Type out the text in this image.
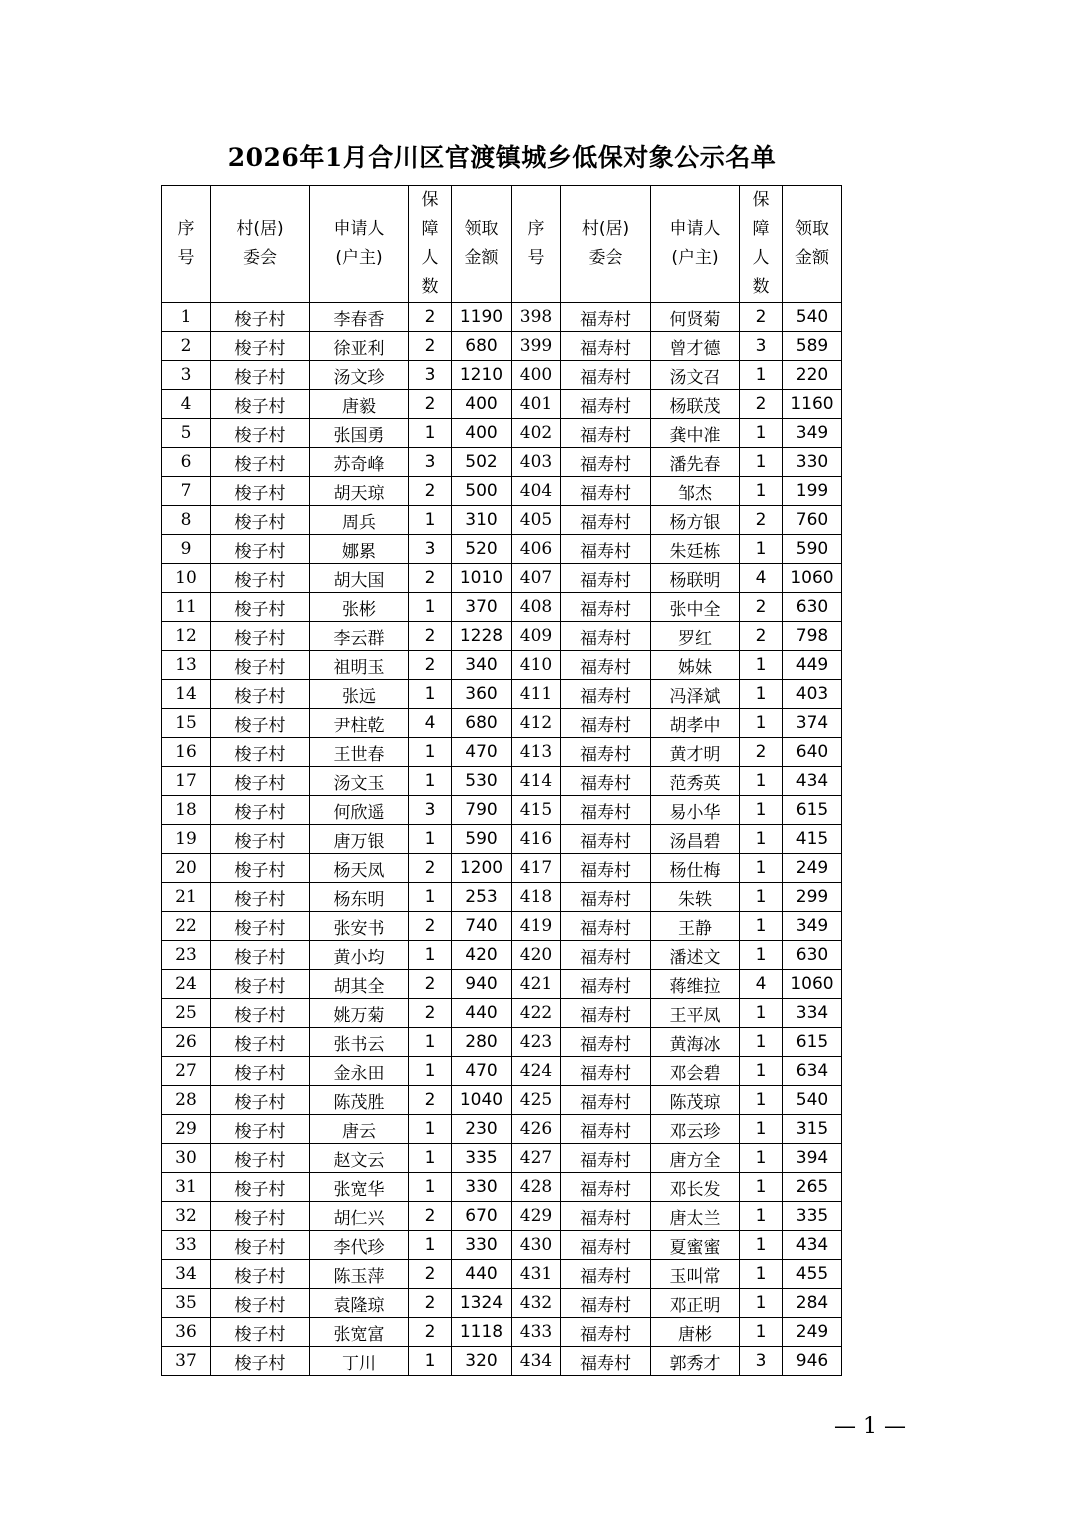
2026年1月合川区官渡镇城乡低保对象公示名单
序号	村(居)委会	申请人(户主)	保障人数	领取金额	序号	村(居)委会	申请人(户主)	保障人数	领取金额
1	梭子村	李春香	2	1190	398	福寿村	何贤菊	2	540
2	梭子村	徐亚利	2	680	399	福寿村	曾才德	3	589
3	梭子村	汤文珍	3	1210	400	福寿村	汤文召	1	220
4	梭子村	唐毅	2	400	401	福寿村	杨联茂	2	1160
5	梭子村	张国勇	1	400	402	福寿村	龚中准	1	349
6	梭子村	苏奇峰	3	502	403	福寿村	潘先春	1	330
7	梭子村	胡天琼	2	500	404	福寿村	邹杰	1	199
8	梭子村	周兵	1	310	405	福寿村	杨方银	2	760
9	梭子村	娜累	3	520	406	福寿村	朱廷栋	1	590
10	梭子村	胡大国	2	1010	407	福寿村	杨联明	4	1060
11	梭子村	张彬	1	370	408	福寿村	张中全	2	630
12	梭子村	李云群	2	1228	409	福寿村	罗红	2	798
13	梭子村	祖明玉	2	340	410	福寿村	姊妹	1	449
14	梭子村	张远	1	360	411	福寿村	冯泽斌	1	403
15	梭子村	尹柱乾	4	680	412	福寿村	胡孝中	1	374
16	梭子村	王世春	1	470	413	福寿村	黄才明	2	640
17	梭子村	汤文玉	1	530	414	福寿村	范秀英	1	434
18	梭子村	何欣遥	3	790	415	福寿村	易小华	1	615
19	梭子村	唐万银	1	590	416	福寿村	汤昌碧	1	415
20	梭子村	杨天凤	2	1200	417	福寿村	杨仕梅	1	249
21	梭子村	杨东明	1	253	418	福寿村	朱轶	1	299
22	梭子村	张安书	2	740	419	福寿村	王静	1	349
23	梭子村	黄小均	1	420	420	福寿村	潘述文	1	630
24	梭子村	胡其全	2	940	421	福寿村	蒋维拉	4	1060
25	梭子村	姚万菊	2	440	422	福寿村	王平凤	1	334
26	梭子村	张书云	1	280	423	福寿村	黄海冰	1	615
27	梭子村	金永田	1	470	424	福寿村	邓会碧	1	634
28	梭子村	陈茂胜	2	1040	425	福寿村	陈茂琼	1	540
29	梭子村	唐云	1	230	426	福寿村	邓云珍	1	315
30	梭子村	赵文云	1	335	427	福寿村	唐方全	1	394
31	梭子村	张宽华	1	330	428	福寿村	邓长发	1	265
32	梭子村	胡仁兴	2	670	429	福寿村	唐太兰	1	335
33	梭子村	李代珍	1	330	430	福寿村	夏蜜蜜	1	434
34	梭子村	陈玉萍	2	440	431	福寿村	玉叫常	1	455
35	梭子村	袁隆琼	2	1324	432	福寿村	邓正明	1	284
36	梭子村	张宽富	2	1118	433	福寿村	唐彬	1	249
37	梭子村	丁川	1	320	434	福寿村	郭秀才	3	946
— 1 —
